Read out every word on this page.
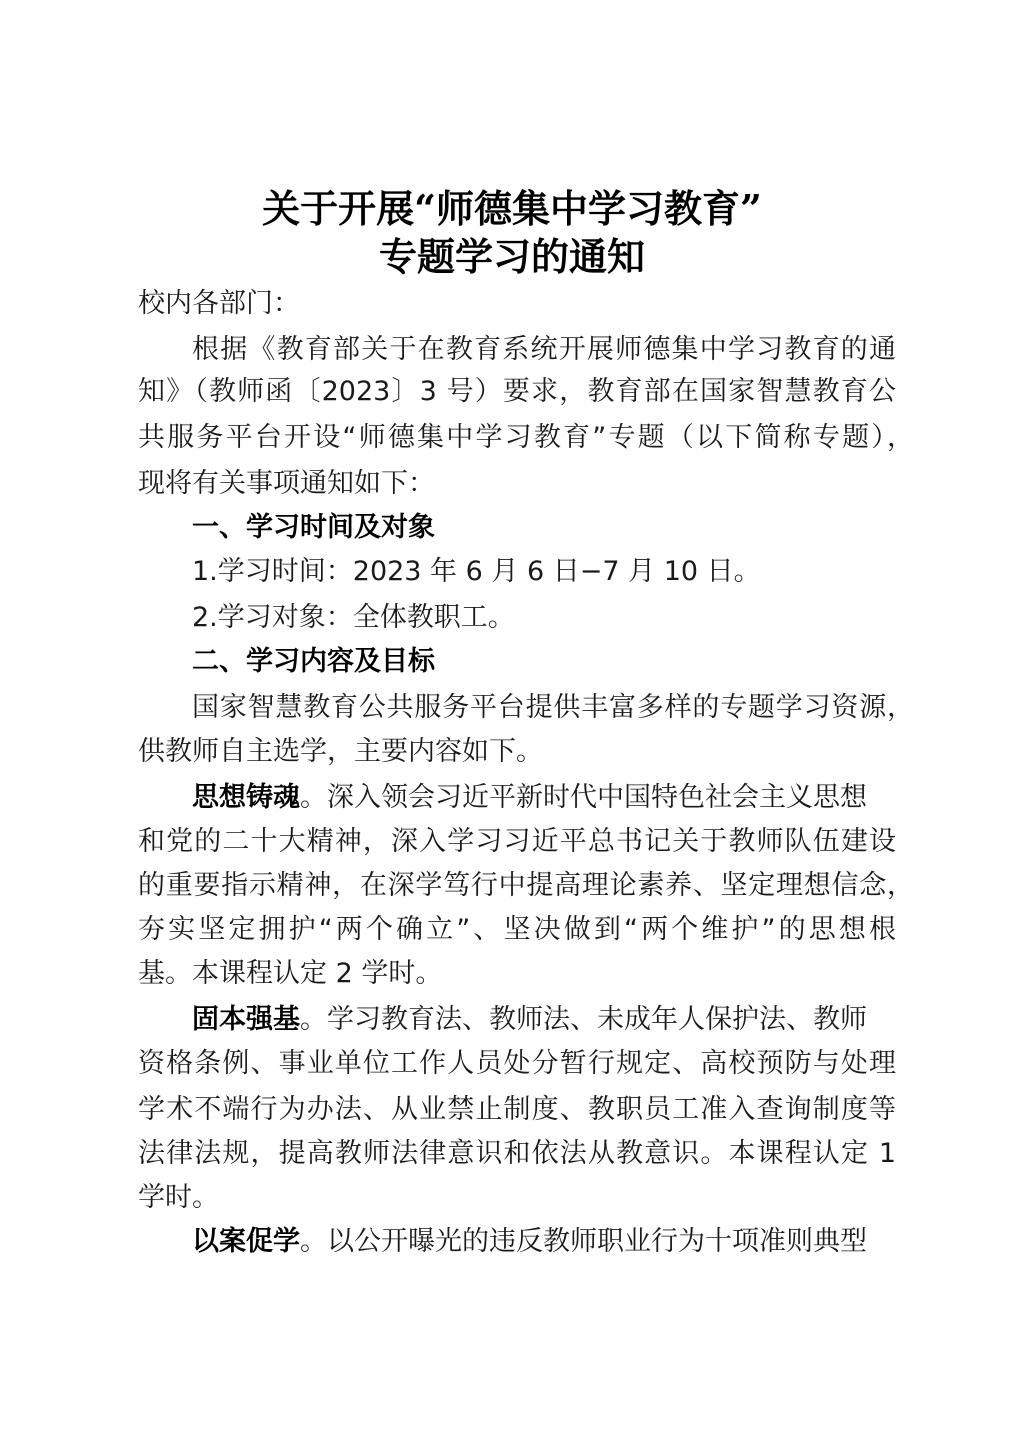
关于开展“师德集中学习教育”
专题学习的通知
校内各部门：
根据《教育部关于在教育系统开展师德集中学习教育的通
知》（教师函〔2023〕3 号）要求，教育部在国家智慧教育公
共服务平台开设“师德集中学习教育”专题（以下简称专题），
现将有关事项通知如下：
一、学习时间及对象
1.学习时间：2023 年 6 月 6 日−7 月 10 日。
2.学习对象：全体教职工。
二、学习内容及目标
国家智慧教育公共服务平台提供丰富多样的专题学习资源，
供教师自主选学，主要内容如下。
思想铸魂。深入领会习近平新时代中国特色社会主义思想
和党的二十大精神，深入学习习近平总书记关于教师队伍建设
的重要指示精神，在深学笃行中提高理论素养、坚定理想信念，
夯实坚定拥护“两个确立”、坚决做到“两个维护”的思想根
基。本课程认定 2 学时。
固本强基。学习教育法、教师法、未成年人保护法、教师
资格条例、事业单位工作人员处分暂行规定、高校预防与处理
学术不端行为办法、从业禁止制度、教职员工准入查询制度等
法律法规，提高教师法律意识和依法从教意识。本课程认定 1
学时。
以案促学。以公开曝光的违反教师职业行为十项准则典型
